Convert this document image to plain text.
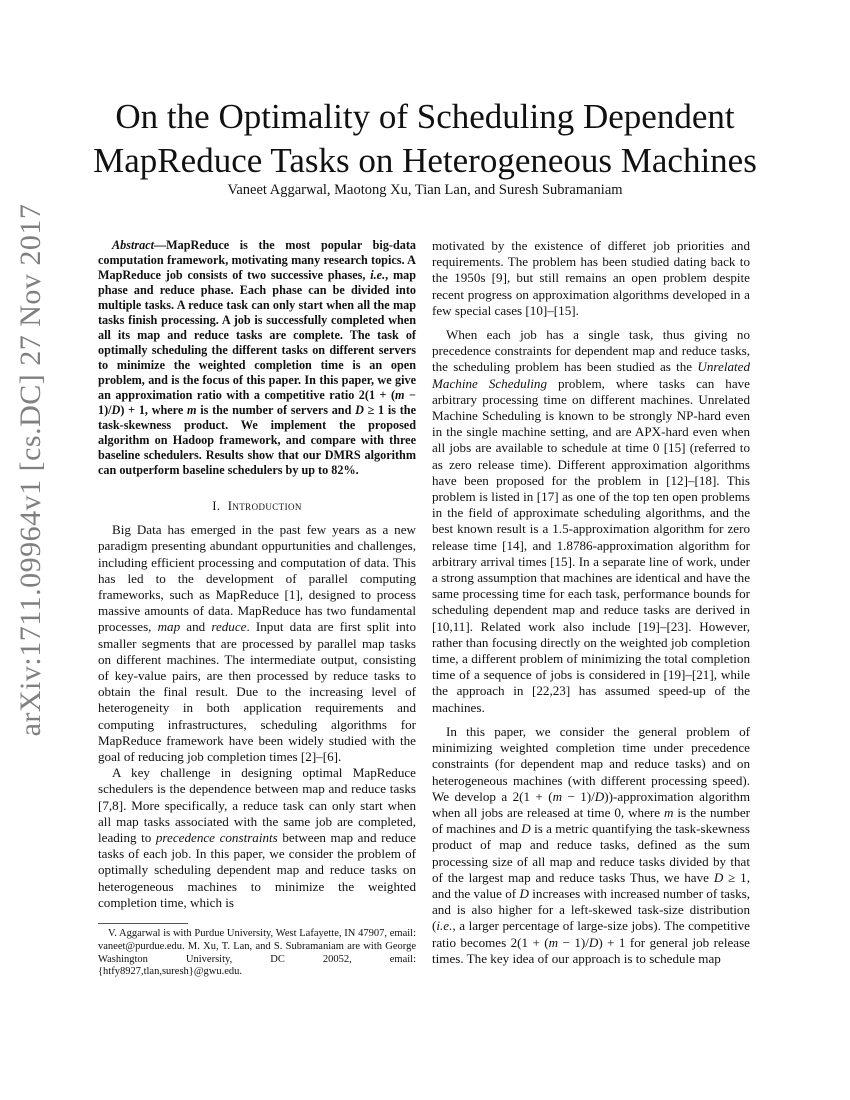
arXiv:1711.09964v1 [cs.DC] 27 Nov 2017
On the Optimality of Scheduling Dependent
MapReduce Tasks on Heterogeneous Machines
Vaneet Aggarwal, Maotong Xu, Tian Lan, and Suresh Subramaniam

Abstract—MapReduce is the most popular big-data computation framework, motivating many research topics. A MapReduce job consists of two successive phases, i.e., map phase and reduce phase. Each phase can be divided into multiple tasks. A reduce task can only start when all the map tasks finish processing. A job is successfully completed when all its map and reduce tasks are complete. The task of optimally scheduling the different tasks on different servers to minimize the weighted completion time is an open problem, and is the focus of this paper. In this paper, we give an approximation ratio with a competitive ratio 2(1 + (m − 1)/D) + 1, where m is the number of servers and D ≥ 1 is the task-skewness product. We implement the proposed algorithm on Hadoop framework, and compare with three baseline schedulers. Results show that our DMRS algorithm can outperform baseline schedulers by up to 82%.

I. Introduction

Big Data has emerged in the past few years as a new paradigm presenting abundant oppurtunities and challenges, including efficient processing and computation of data. This has led to the development of parallel computing frameworks, such as MapReduce [1], designed to process massive amounts of data. MapReduce has two fundamental processes, map and reduce. Input data are first split into smaller segments that are processed by parallel map tasks on different machines. The intermediate output, consisting of key-value pairs, are then processed by reduce tasks to obtain the final result. Due to the increasing level of heterogeneity in both application requirements and computing infrastructures, scheduling algorithms for MapReduce framework have been widely studied with the goal of reducing job completion times [2]–[6].

A key challenge in designing optimal MapReduce schedulers is the dependence between map and reduce tasks [7,8]. More specifically, a reduce task can only start when all map tasks associated with the same job are completed, leading to precedence constraints between map and reduce tasks of each job. In this paper, we consider the problem of optimally scheduling dependent map and reduce tasks on heterogeneous machines to minimize the weighted completion time, which is

V. Aggarwal is with Purdue University, West Lafayette, IN 47907, email: vaneet@purdue.edu. M. Xu, T. Lan, and S. Subramaniam are with George Washington University, DC 20052, email: {htfy8927,tlan,suresh}@gwu.edu.

motivated by the existence of differet job priorities and requirements. The problem has been studied dating back to the 1950s [9], but still remains an open problem despite recent progress on approximation algorithms developed in a few special cases [10]–[15].

When each job has a single task, thus giving no precedence constraints for dependent map and reduce tasks, the scheduling problem has been studied as the Unrelated Machine Scheduling problem, where tasks can have arbitrary processing time on different machines. Unrelated Machine Scheduling is known to be strongly NP-hard even in the single machine setting, and are APX-hard even when all jobs are available to schedule at time 0 [15] (referred to as zero release time). Different approximation algorithms have been proposed for the problem in [12]–[18]. This problem is listed in [17] as one of the top ten open problems in the field of approximate scheduling algorithms, and the best known result is a 1.5-approximation algorithm for zero release time [14], and 1.8786-approximation algorithm for arbitrary arrival times [15]. In a separate line of work, under a strong assumption that machines are identical and have the same processing time for each task, performance bounds for scheduling dependent map and reduce tasks are derived in [10,11]. Related work also include [19]–[23]. However, rather than focusing directly on the weighted job completion time, a different problem of minimizing the total completion time of a sequence of jobs is considered in [19]–[21], while the approach in [22,23] has assumed speed-up of the machines.

In this paper, we consider the general problem of minimizing weighted completion time under precedence constraints (for dependent map and reduce tasks) and on heterogeneous machines (with different processing speed). We develop a 2(1 + (m − 1)/D))-approximation algorithm when all jobs are released at time 0, where m is the number of machines and D is a metric quantifying the task-skewness product of map and reduce tasks, defined as the sum processing size of all map and reduce tasks divided by that of the largest map and reduce tasks Thus, we have D ≥ 1, and the value of D increases with increased number of tasks, and is also higher for a left-skewed task-size distribution (i.e., a larger percentage of large-size jobs). The competitive ratio becomes 2(1 + (m − 1)/D) + 1 for general job release times. The key idea of our approach is to schedule map
